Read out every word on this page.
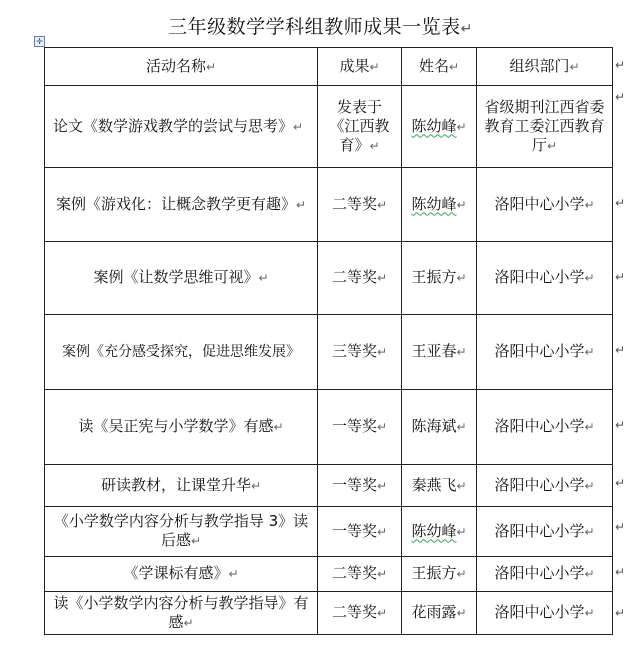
三年级数学学科组教师成果一览表↵
✛
活动名称↵	成果↵	姓名↵	组织部门↵
论文《数学游戏教学的尝试与思考》↵	发表于《江西教育》↵	陈幼峰↵	省级期刊江西省委教育工委江西教育厅↵
案例《游戏化：让概念教学更有趣》↵	二等奖↵	陈幼峰↵	洛阳中心小学↵
案例《让数学思维可视》↵	二等奖↵	王振方↵	洛阳中心小学↵
案例《充分感受探究，促进思维发展》	三等奖↵	王亚春↵	洛阳中心小学↵
读《吴正宪与小学数学》有感↵	一等奖↵	陈海斌↵	洛阳中心小学↵
研读教材，让课堂升华↵	一等奖↵	秦燕飞↵	洛阳中心小学↵
《小学数学内容分析与教学指导 3》读后感↵	一等奖↵	陈幼峰↵	洛阳中心小学↵
《学课标有感》↵	二等奖↵	王振方↵	洛阳中心小学↵
读《小学数学内容分析与教学指导》有感↵	二等奖↵	花雨露↵	洛阳中心小学↵
↵
↵
↵
↵
↵
↵
↵
↵
↵
↵
